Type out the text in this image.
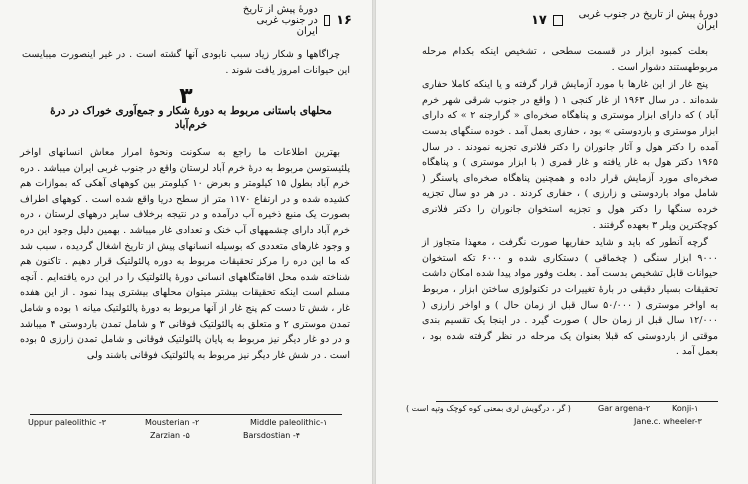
١۶
دورۀ پیش از تاریخ در جنوب غربی ایران

چراگاهها و شکار زیاد سبب نابودی آنها گشته است . در غیر اینصورت میبایست این حیوانات امروز یافت شوند .

۳
محلهای باستانی مربوط به دورۀ شکار و جمع‌آوری خوراک در درۀ خرم‌آباد

بهترین اطلاعات ما راجع به سکونت ونحوۀ امرار معاش انسانهای اواخر پلئیستوسن مربوط به درۀ خرم آباد لرستان واقع در جنوب غربی ایران میباشد . دره خرم آباد بطول ۱۵ کیلومتر و بعرض ۱۰ کیلومتر بین کوههای آهکی که بموازات هم کشیده شده و در ارتفاع ۱۱۷۰ متر از سطح دریا واقع شده است . کوههای اطراف بصورت یک منبع ذخیره آب درآمده و در نتیجه برخلاف سایر درههای لرستان ، دره خرم آباد دارای چشمههای آب خنک و تعدادی غار میباشد . بهمین دلیل وجود این دره و وجود غارهای متعددی که بوسیله انسانهای پیش از تاریخ اشغال گردیده ، سبب شد که ما این دره را مرکز تحقیقات مربوط به دوره پالئولتیک قرار دهیم . تاکنون هم شناخته شده محل اقامتگاههای انسانی دورۀ پالئولتیک را در این دره یافته‌ایم . آنچه مسلم است اینکه تحقیقات بیشتر میتوان محلهای بیشتری پیدا نمود . از این هفده غار ، شش تا دست کم پنج غار از آنها مربوط به دورۀ پالئولتیک میانه ۱ بوده و شامل تمدن موستری ۲ و متعلق به پالئولتیک فوقانی ۳ و شامل تمدن باردوستی ۴ میباشد و در دو غار دیگر نیز مربوط به پایان پالئولتیک فوقانی و شامل تمدن زارزی ۵ بوده است . در شش غار دیگر نیز مربوط به پالئولتیک فوقانی باشند ولی

Middle paleolithic-۱
Mousterian -۲
Uppur paleolithic -۳
Barsdostian -۴
Zarzian -۵
دورۀ پیش از تاریخ در جنوب غربی ایران
١٧

بعلت کمبود ابزار در قسمت سطحی ، تشخیص اینکه بکدام مرحله مربوطهستند دشوار است .

پنج غار از این غارها با مورد آزمایش قرار گرفته و یا اینکه کاملا حفاری شده‌اند . در سال ۱۹۶۳ از غار کنجی ۱ ( واقع در جنوب شرقی شهر خرم آباد ) که دارای ابزار موستری و پناهگاه صخره‌ای « گرارجنه ۲ » که دارای ابزار موستری و باردوستی » بود ، حفاری بعمل آمد . خوده سنگهای بدست آمده را دکتر هول و آثار جانوران را دکتر فلانری تجزیه نمودند . در سال ۱۹۶۵ دکتر هول به غار یافته و غار قمری ( با ابزار موستری ) و پناهگاه صخره‌ای مورد آزمایش قرار داده و همچنین پناهگاه صخره‌ای پاسنگر ( شامل مواد باردوستی و زارزی ) ، حفاری کردند . در هر دو سال تجزیه خرده سنگها را دکتر هول و تجزیه استخوان جانوران را دکتر فلانری کوچکترین ویلر ۳ بعهده گرفتند .

گرچه آنطور که باید و شاید حفاریها صورت نگرفت ، معهذا متجاوز از ۹۰۰۰ ابزار سنگی ( چخماقی ) دستکاری شده و ۶۰۰۰ تکه استخوان حیوانات قابل تشخیص بدست آمد . بعلت وفور مواد پیدا شده امکان داشت تحقیقات بسیار دقیقی در بارۀ تغییرات در تکنولوژی ساختن ابزار ، مربوط به اواخر موستری ( ۵۰/۰۰۰ سال قبل از زمان حال ) و اواخر زارزی ( ۱۲/۰۰۰ سال قبل از زمان حال ) صورت گیرد . در اینجا یک تقسیم بندی موقتی از باردوستی که قبلا بعنوان یک مرحله در نظر گرفته شده بود ، بعمل آمد .

Konji-۱
Gar argena-۲
( گر ، درگویش لری بمعنی کوه کوچک وتپه است )
Jane.c. wheeler-۳
